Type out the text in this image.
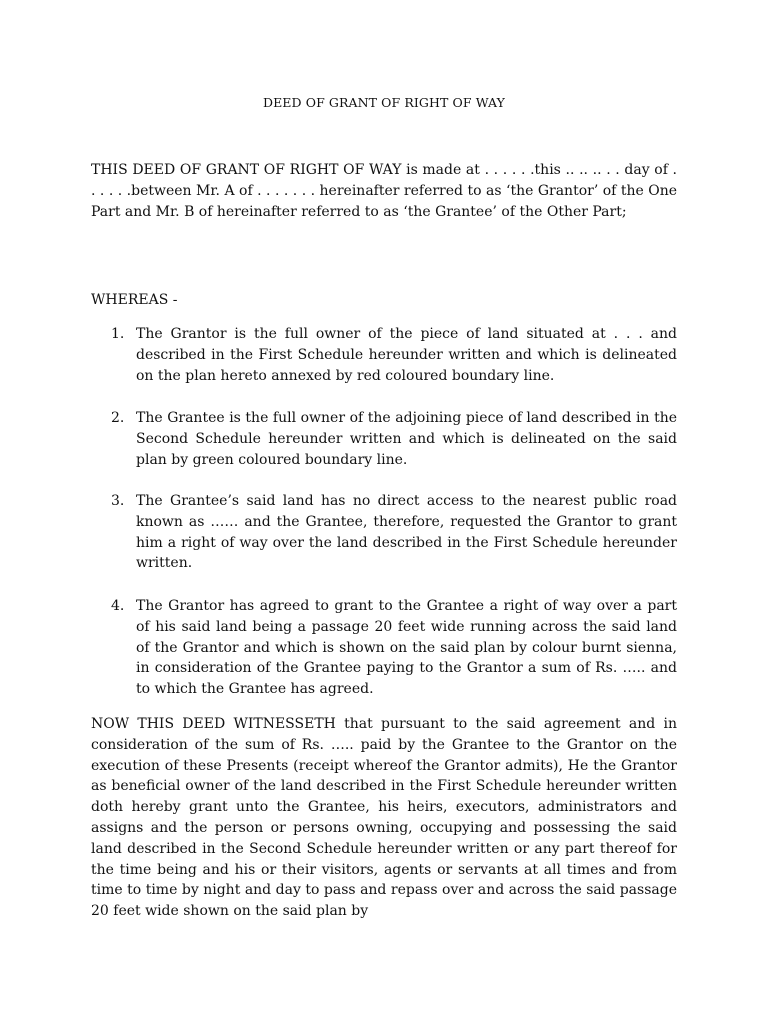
DEED OF GRANT OF RIGHT OF WAY
THIS DEED OF GRANT OF RIGHT OF WAY is made at . . . . . .this .. .. .. . . day of . . . . . .between Mr. A of . . . . . . . hereinafter referred to as ‘the Grantor’ of the One Part and Mr. B of hereinafter referred to as ‘the Grantee’ of the Other Part;
WHEREAS -
1. The Grantor is the full owner of the piece of land situated at . . . and described in the First Schedule hereunder written and which is delineated on the plan hereto annexed by red coloured boundary line.
2. The Grantee is the full owner of the adjoining piece of land described in the Second Schedule hereunder written and which is delineated on the said plan by green coloured boundary line.
3. The Grantee’s said land has no direct access to the nearest public road known as …… and the Grantee, therefore, requested the Grantor to grant him a right of way over the land described in the First Schedule hereunder written.
4. The Grantor has agreed to grant to the Grantee a right of way over a part of his said land being a passage 20 feet wide running across the said land of the Grantor and which is shown on the said plan by colour burnt sienna, in consideration of the Grantee paying to the Grantor a sum of Rs. ….. and to which the Grantee has agreed.
NOW THIS DEED WITNESSETH that pursuant to the said agreement and in consideration of the sum of Rs. ….. paid by the Grantee to the Grantor on the execution of these Presents (receipt whereof the Grantor admits), He the Grantor as beneficial owner of the land described in the First Schedule hereunder written doth hereby grant unto the Grantee, his heirs, executors, administrators and assigns and the person or persons owning, occupying and possessing the said land described in the Second Schedule hereunder written or any part thereof for the time being and his or their visitors, agents or servants at all times and from time to time by night and day to pass and repass over and across the said passage 20 feet wide shown on the said plan by
